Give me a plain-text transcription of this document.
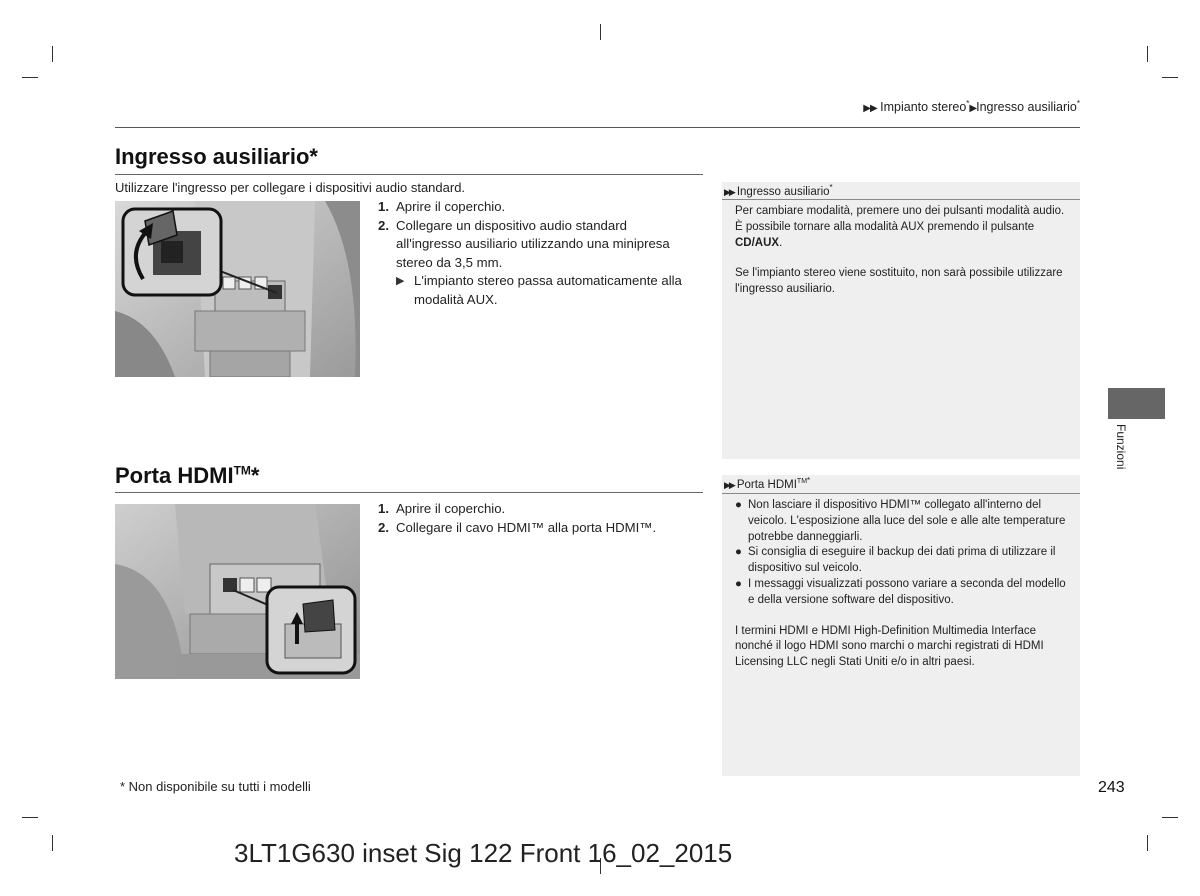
▶▶ Impianto stereo*▶Ingresso ausiliario*
Ingresso ausiliario*
Utilizzare l'ingresso per collegare i dispositivi audio standard.
1. Aprire il coperchio.
2. Collegare un dispositivo audio standard all'ingresso ausiliario utilizzando una minipresa stereo da 3,5 mm.
▶ L'impianto stereo passa automaticamente alla modalità AUX.
▶▶ Ingresso ausiliario*

Per cambiare modalità, premere uno dei pulsanti modalità audio. È possibile tornare alla modalità AUX premendo il pulsante CD/AUX.

Se l'impianto stereo viene sostituito, non sarà possibile utilizzare l'ingresso ausiliario.

Porta HDMI™*
1. Aprire il coperchio.
2. Collegare il cavo HDMI™ alla porta HDMI™.
▶▶ Porta $HDMI^{TM*}$
● Non lasciare il dispositivo HDMI™ collegato all'interno del veicolo. L'esposizione alla luce del sole e alle alte temperature potrebbe danneggiarli.
● Si consiglia di eseguire il backup dei dati prima di utilizzare il dispositivo sul veicolo.
● I messaggi visualizzati possono variare a seconda del modello e della versione software del dispositivo.

I termini HDMI e HDMI High-Definition Multimedia Interface nonché il logo HDMI sono marchi o marchi registrati di HDMI Licensing LLC negli Stati Uniti e/o in altri paesi.

Funzioni
* Non disponibile su tutti i modelli	243
3LT1G630 inset Sig 122 Front 16_02_2015
